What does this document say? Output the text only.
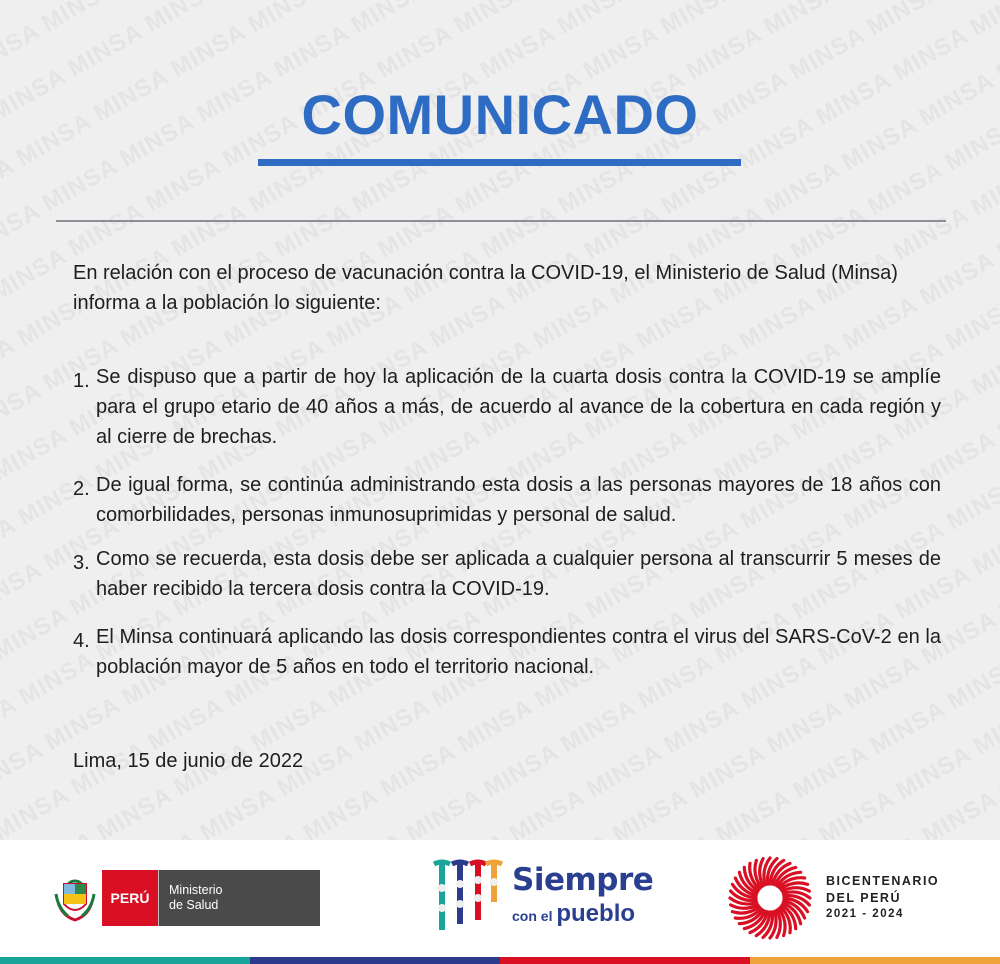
COMUNICADO
En relación con el proceso de vacunación contra la COVID-19, el Ministerio de Salud (Minsa) informa a la población lo siguiente:
1. Se dispuso que a partir de hoy la aplicación de la cuarta dosis contra la COVID-19 se amplíe para el grupo etario de 40 años a más, de acuerdo al avance de la cobertura en cada región y al cierre de brechas.
2. De igual forma, se continúa administrando esta dosis a las personas mayores de 18 años con comorbilidades, personas inmunosuprimidas y personal de salud.
3. Como se recuerda, esta dosis debe ser aplicada a cualquier persona al transcurrir 5 meses de haber recibido la tercera dosis contra la COVID-19.
4. El Minsa continuará aplicando las dosis correspondientes contra el virus del SARS-CoV-2 en la población mayor de 5 años en todo el territorio nacional.
Lima, 15 de junio de 2022
PERÚ	Ministerio
de Salud
Siempre
con el pueblo
BICENTENARIO
DEL PERÚ
2021 - 2024
